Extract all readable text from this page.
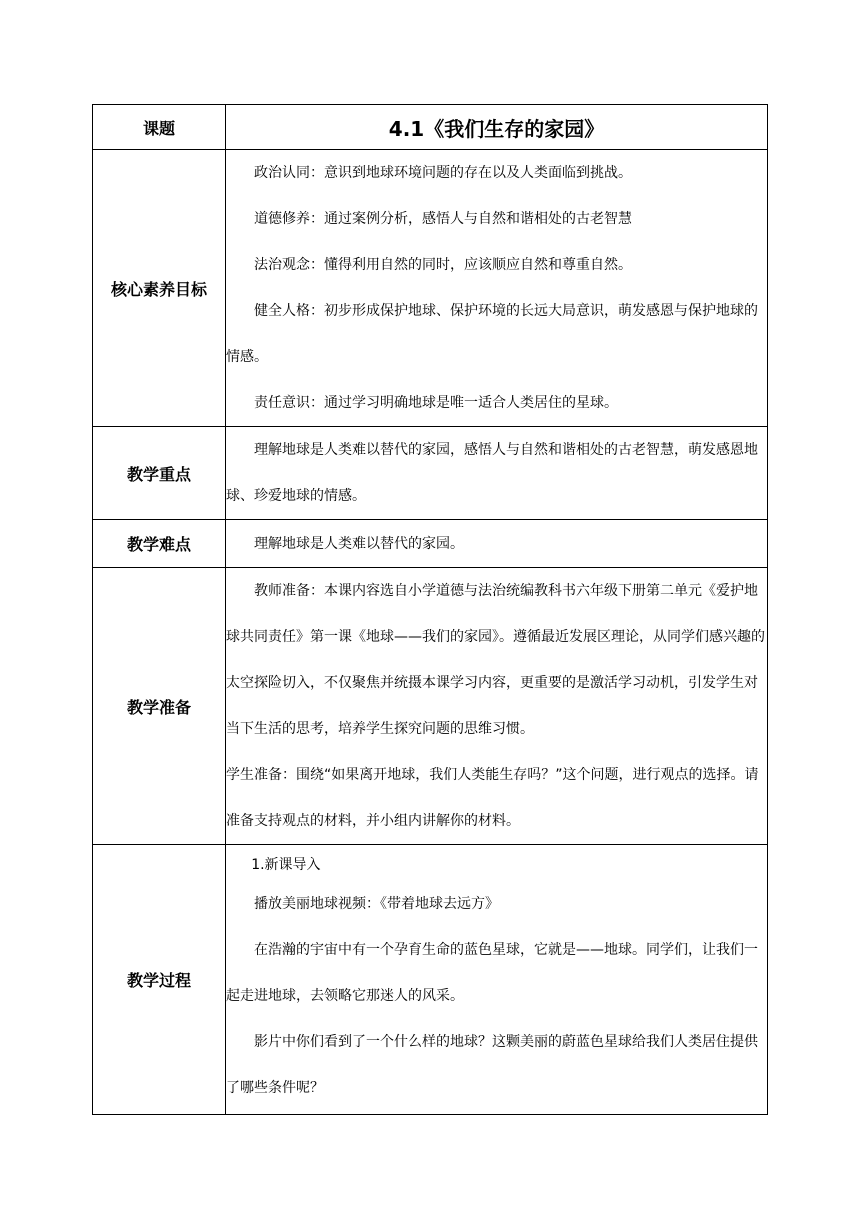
课题	4.1《我们生存的家园》
核心素养目标	政治认同：意识到地球环境问题的存在以及人类面临到挑战。

道德修养：通过案例分析，感悟人与自然和谐相处的古老智慧

法治观念：懂得利用自然的同时，应该顺应自然和尊重自然。

健全人格：初步形成保护地球、保护环境的长远大局意识，萌发感恩与保护地球的情感。

责任意识：通过学习明确地球是唯一适合人类居住的星球。

教学重点	理解地球是人类难以替代的家园，感悟人与自然和谐相处的古老智慧，萌发感恩地球、珍爱地球的情感。

教学难点	理解地球是人类难以替代的家园。

教学准备	教师准备：本课内容选自小学道德与法治统编教科书六年级下册第二单元《爱护地球共同责任》第一课《地球——我们的家园》。遵循最近发展区理论，从同学们感兴趣的太空探险切入，不仅聚焦并统摄本课学习内容，更重要的是激活学习动机，引发学生对当下生活的思考，培养学生探究问题的思维习惯。

学生准备：围绕“如果离开地球，我们人类能生存吗？”这个问题，进行观点的选择。请准备支持观点的材料，并小组内讲解你的材料。

教学过程	1.新课导入

播放美丽地球视频：《带着地球去远方》

在浩瀚的宇宙中有一个孕育生命的蓝色星球，它就是——地球。同学们，让我们一起走进地球，去领略它那迷人的风采。

影片中你们看到了一个什么样的地球？这颗美丽的蔚蓝色星球给我们人类居住提供了哪些条件呢？
